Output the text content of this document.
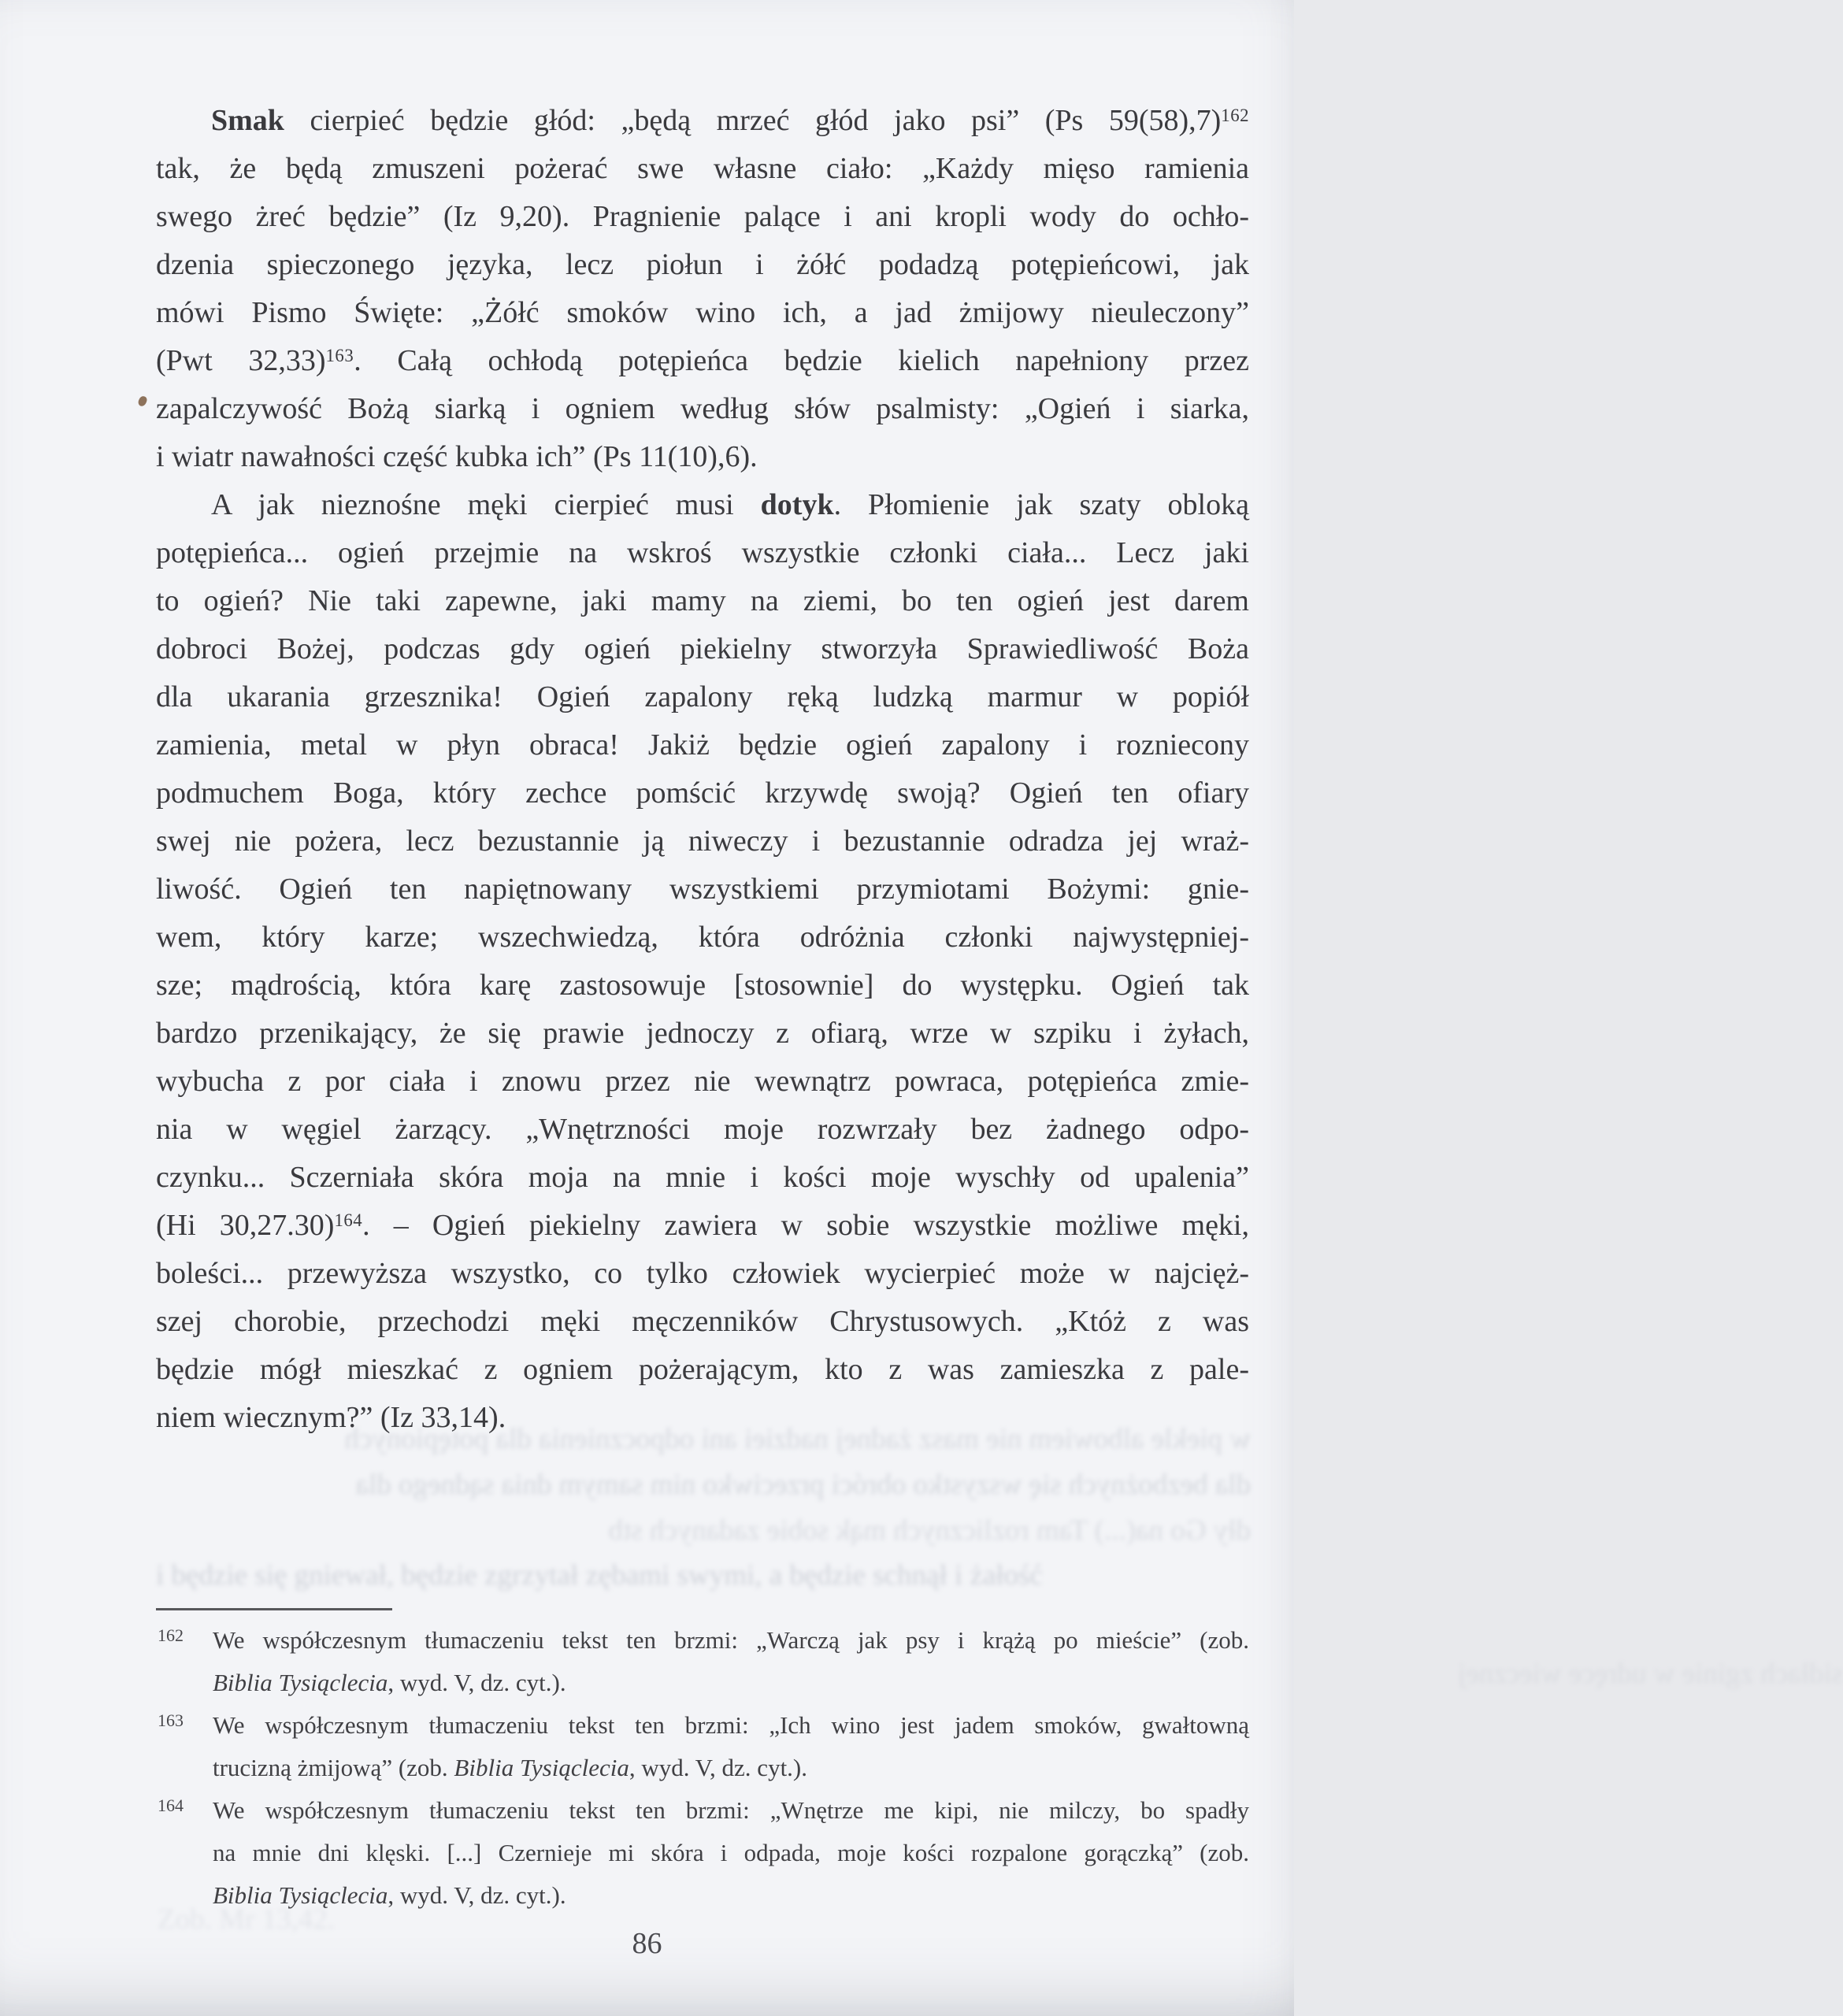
Smak cierpieć będzie głód: „będą mrzeć głód jako psi” (Ps 59(58),7)$^{162}$
tak, że będą zmuszeni pożerać swe własne ciało: „Każdy mięso ramienia
swego żreć będzie” (Iz 9,20). Pragnienie palące i ani kropli wody do ochło-
dzenia spieczonego języka, lecz piołun i żółć podadzą potępieńcowi, jak
mówi Pismo Święte: „Żółć smoków wino ich, a jad żmijowy nieuleczony”
(Pwt 32,33)$^{163}$. Całą ochłodą potępieńca będzie kielich napełniony przez
zapalczywość Bożą siarką i ogniem według słów psalmisty: „Ogień i siarka,
i wiatr nawałności część kubka ich” (Ps 11(10),6).
A jak nieznośne męki cierpieć musi dotyk. Płomienie jak szaty obloką
potępieńca... ogień przejmie na wskroś wszystkie członki ciała... Lecz jaki
to ogień? Nie taki zapewne, jaki mamy na ziemi, bo ten ogień jest darem
dobroci Bożej, podczas gdy ogień piekielny stworzyła Sprawiedliwość Boża
dla ukarania grzesznika! Ogień zapalony ręką ludzką marmur w popiół
zamienia, metal w płyn obraca! Jakiż będzie ogień zapalony i rozniecony
podmuchem Boga, który zechce pomścić krzywdę swoją? Ogień ten ofiary
swej nie pożera, lecz bezustannie ją niweczy i bezustannie odradza jej wraż-
liwość. Ogień ten napiętnowany wszystkiemi przymiotami Bożymi: gnie-
wem, który karze; wszechwiedzą, która odróżnia członki najwystępniej-
sze; mądrością, która karę zastosowuje [stosownie] do występku. Ogień tak
bardzo przenikający, że się prawie jednoczy z ofiarą, wrze w szpiku i żyłach,
wybucha z por ciała i znowu przez nie wewnątrz powraca, potępieńca zmie-
nia w węgiel żarzący. „Wnętrzności moje rozwrzały bez żadnego odpo-
czynku... Sczerniała skóra moja na mnie i kości moje wyschły od upalenia”
(Hi 30,27.30)$^{164}$. – Ogień piekielny zawiera w sobie wszystkie możliwe męki,
boleści... przewyższa wszystko, co tylko człowiek wycierpieć może w najcięż-
szej chorobie, przechodzi męki męczenników Chrystusowych. „Któż z was
będzie mógł mieszkać z ogniem pożerającym, kto z was zamieszka z pale-
niem wiecznym?” (Iz 33,14).
w piekle albowiem nie masz żadnej nadziei ani odpocznienia dla potępionych
dla bezbożnych się wszystko obróci przeciwko nim samym dnia sądnego dla
dły Go na(...) Tam rozlicznych mąk sobie zadanych stb
i będzie się gniewał, będzie zgrzytał zębami swymi, a będzie schnął i żałość
sidłach zginie w udręce wiecznej
Zob. Mr 13,42.
162 We współczesnym tłumaczeniu tekst ten brzmi: „Warczą jak psy i krążą po mieście” (zob.
Biblia Tysiąclecia, wyd. V, dz. cyt.).
163 We współczesnym tłumaczeniu tekst ten brzmi: „Ich wino jest jadem smoków, gwałtowną
trucizną żmijową” (zob. Biblia Tysiąclecia, wyd. V, dz. cyt.).
164 We współczesnym tłumaczeniu tekst ten brzmi: „Wnętrze me kipi, nie milczy, bo spadły
na mnie dni klęski. [...] Czernieje mi skóra i odpada, moje kości rozpalone gorączką” (zob.
Biblia Tysiąclecia, wyd. V, dz. cyt.).
86
